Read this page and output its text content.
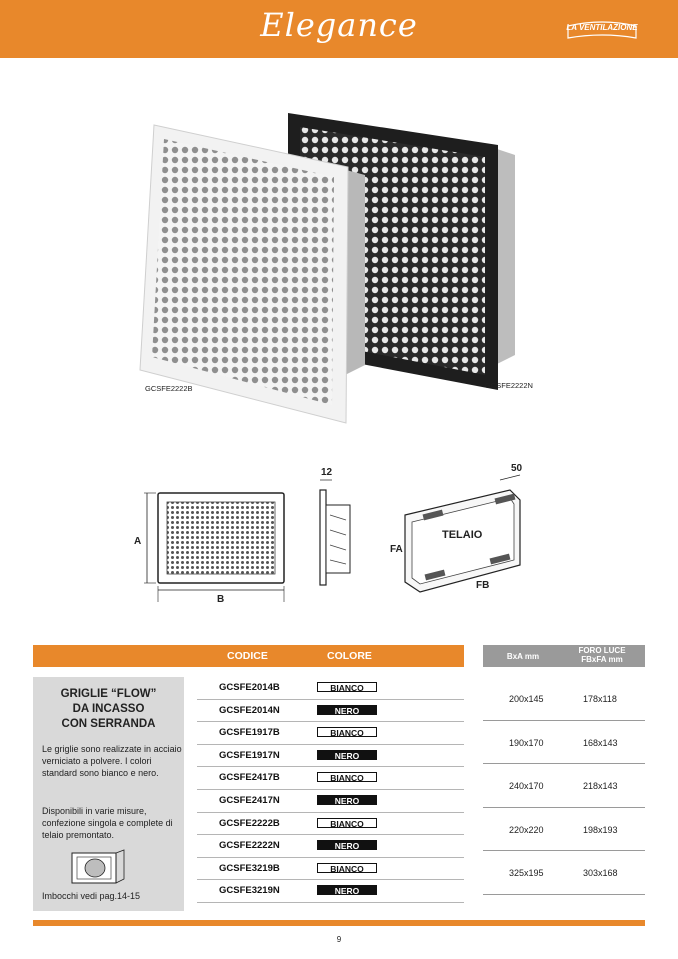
Elegance	LA VENTILAZIONE
GCSFE2222B	GCSFE2222N
A
B
12	50
TELAIO
FA
FB
CODICE	COLORE	BxA mm
FORO LUCE
FBxFA mm
GRIGLIE “FLOW”
DA INCASSO
CON SERRANDA
Le griglie sono realizzate in acciaio verniciato a polvere. I colori standard sono bianco e nero.
Disponibili in varie misure, confezione singola e complete di telaio premontato.
Imbocchi vedi pag.14-15
GCSFE2014B	BIANCO
GCSFE2014N	NERO
GCSFE1917B	BIANCO
GCSFE1917N	NERO
GCSFE2417B	BIANCO
GCSFE2417N	NERO
GCSFE2222B	BIANCO
GCSFE2222N	NERO
GCSFE3219B	BIANCO
GCSFE3219N	NERO
200x145	178x118
190x170	168x143
240x170	218x143
220x220	198x193
325x195	303x168
9
